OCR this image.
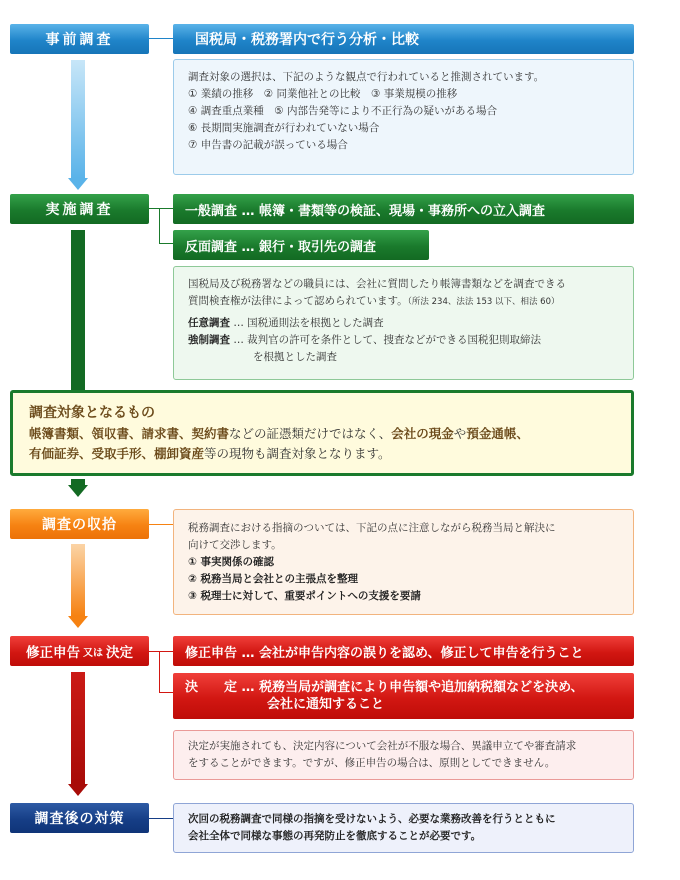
事前調査	国税局・税務署内で行う分析・比較

調査対象の選択は、下記のような観点で行われていると推測されています。

① 業績の推移　② 同業他社との比較　③ 事業規模の推移

④ 調査重点業種　⑤ 内部告発等により不正行為の疑いがある場合

⑥ 長期間実施調査が行われていない場合

⑦ 申告書の記載が誤っている場合

実施調査	一般調査 … 帳簿・書類等の検証、現場・事務所への立入調査
反面調査 … 銀行・取引先の調査

国税局及び税務署などの職員には、会社に質問したり帳簿書類などを調査できる

質問検査権が法律によって認められています。（所法 234、法法 153 以下、相法 60）

任意調査 … 国税通則法を根拠とした調査

強制調査 … 裁判官の許可を条件として、捜査などができる国税犯則取締法

を根拠とした調査

調査対象となるもの

帳簿書類、領収書、請求書、契約書などの証憑類だけではなく、会社の現金や預金通帳、

有価証券、受取手形、棚卸資産等の現物も調査対象となります。

調査の収拾	税務調査における指摘のついては、下記の点に注意しながら税務当局と解決に

向けて交渉します。

① 事実関係の確認

② 税務当局と会社との主張点を整理

③ 税理士に対して、重要ポイントへの支援を要請

修正申告 又は 決定	修正申告 … 会社が申告内容の誤りを認め、修正して申告を行うこと
決　　定 … 税務当局が調査により申告額や追加納税額などを決め、
会社に通知すること

決定が実施されても、決定内容について会社が不服な場合、異議申立てや審査請求

をすることができます。ですが、修正申告の場合は、原則としてできません。

調査後の対策	次回の税務調査で同様の指摘を受けないよう、必要な業務改善を行うとともに

会社全体で同様な事態の再発防止を徹底することが必要です。
